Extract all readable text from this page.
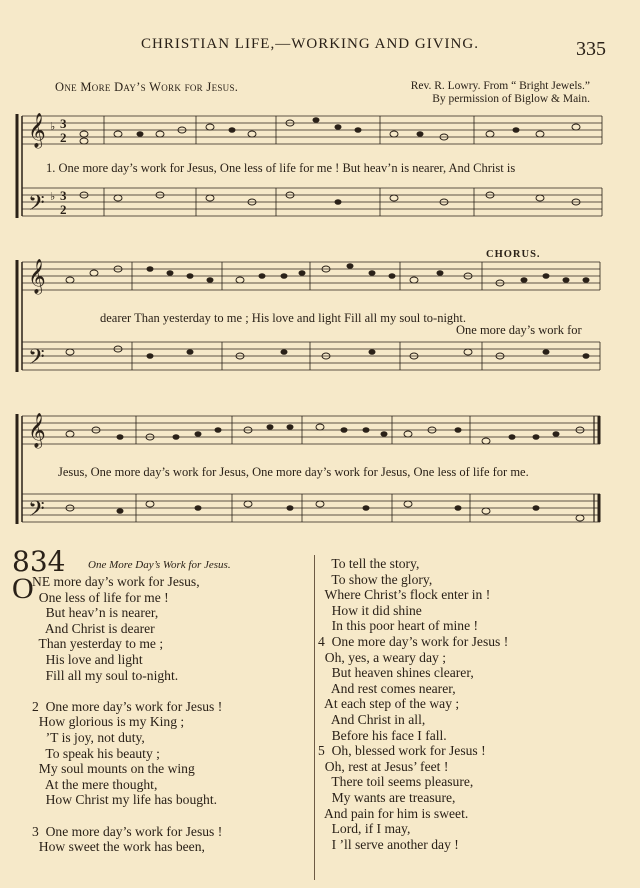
CHRISTIAN LIFE,—WORKING AND GIVING.	335
One More Day’s Work for Jesus.	Rev. R. Lowry. From “ Bright Jewels.”
By permission of Biglow & Main.
𝄞
𝄢
♭
♭
3
2
3
2
1. One more day’s work for Jesus, One less of life for me ! But heav’n is nearer, And Christ is
CHORUS.
𝄞
𝄢
dearer Than yesterday to me ; His love and light Fill all my soul to-night.
One more day’s work for
𝄞
𝄢
Jesus, One more day’s work for Jesus, One more day’s work for Jesus, One less of life for me.
834 One More Day’s Work for Jesus.
O
NE more day’s work for Jesus,
One less of life for me !
But heav’n is nearer,
And Christ is dearer
Than yesterday to me ;
His love and light
Fill all my soul to-night.
2  One more day’s work for Jesus !
How glorious is my King ;
’T is joy, not duty,
To speak his beauty ;
My soul mounts on the wing
At the mere thought,
How Christ my life has bought.
3  One more day’s work for Jesus !
How sweet the work has been,
To tell the story,
To show the glory,
Where Christ’s flock enter in !
How it did shine
In this poor heart of mine !
4  One more day’s work for Jesus !
Oh, yes, a weary day ;
But heaven shines clearer,
And rest comes nearer,
At each step of the way ;
And Christ in all,
Before his face I fall.
5  Oh, blessed work for Jesus !
Oh, rest at Jesus’ feet !
There toil seems pleasure,
My wants are treasure,
And pain for him is sweet.
Lord, if I may,
I ’ll serve another day !
